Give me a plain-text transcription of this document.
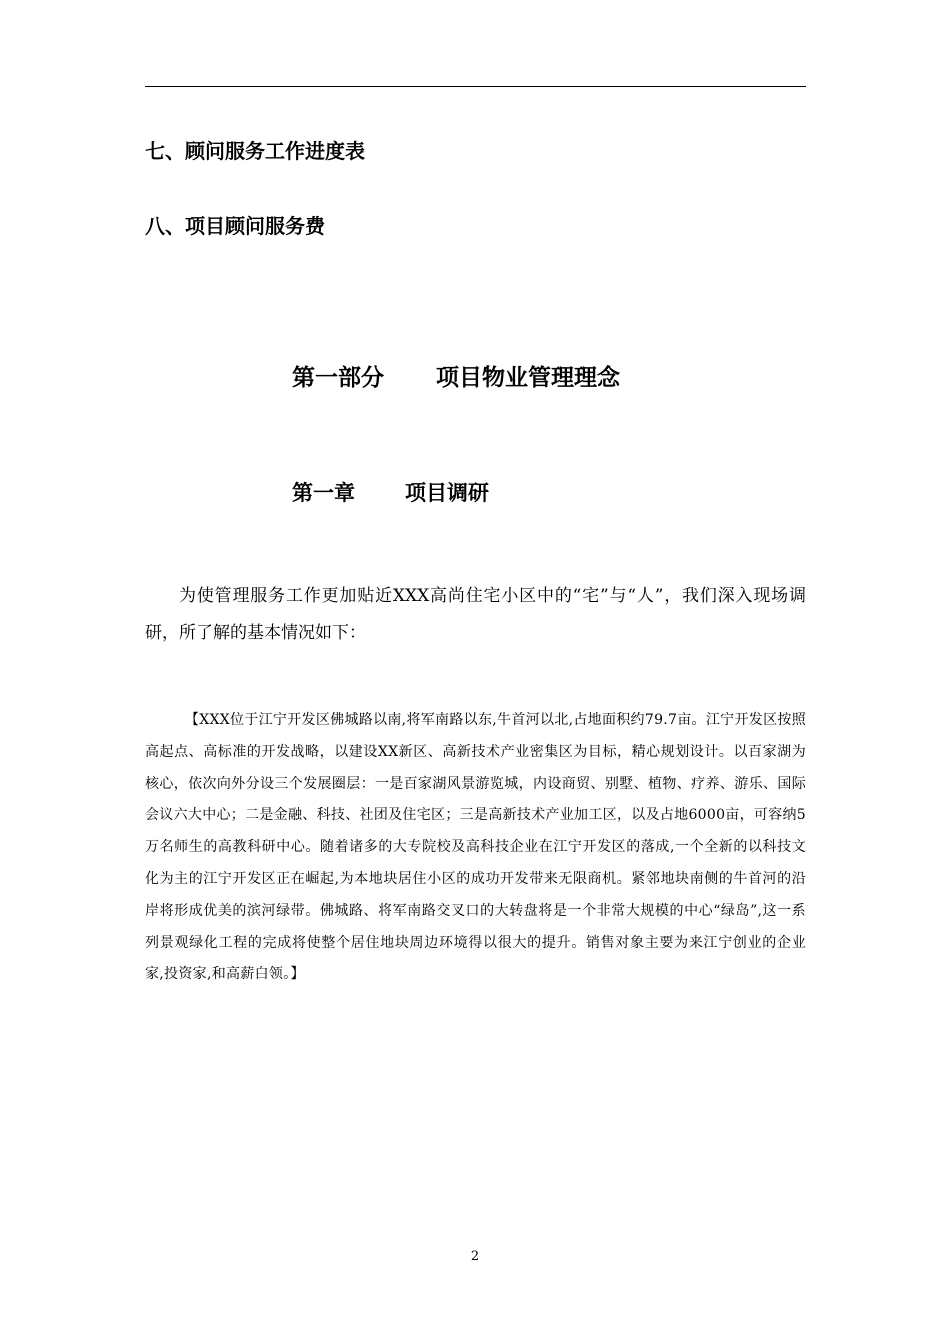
七、顾问服务工作进度表
八、项目顾问服务费
第一部分 项目物业管理理念
第一章 项目调研

为使管理服务工作更加贴近XXX高尚住宅小区中的“宅”与“人”，我们深入现场调研，所了解的基本情况如下：

【XXX位于江宁开发区佛城路以南,将军南路以东,牛首河以北,占地面积约79.7亩。江宁开发区按照高起点、高标准的开发战略，以建设XX新区、高新技术产业密集区为目标，精心规划设计。以百家湖为核心，依次向外分设三个发展圈层：一是百家湖风景游览城，内设商贸、别墅、植物、疗养、游乐、国际会议六大中心；二是金融、科技、社团及住宅区；三是高新技术产业加工区，以及占地6000亩，可容纳5万名师生的高教科研中心。随着诸多的大专院校及高科技企业在江宁开发区的落成,一个全新的以科技文化为主的江宁开发区正在崛起,为本地块居住小区的成功开发带来无限商机。紧邻地块南侧的牛首河的沿岸将形成优美的滨河绿带。佛城路、将军南路交叉口的大转盘将是一个非常大规模的中心“绿岛”,这一系列景观绿化工程的完成将使整个居住地块周边环境得以很大的提升。销售对象主要为来江宁创业的企业家,投资家,和高薪白领。】

2
